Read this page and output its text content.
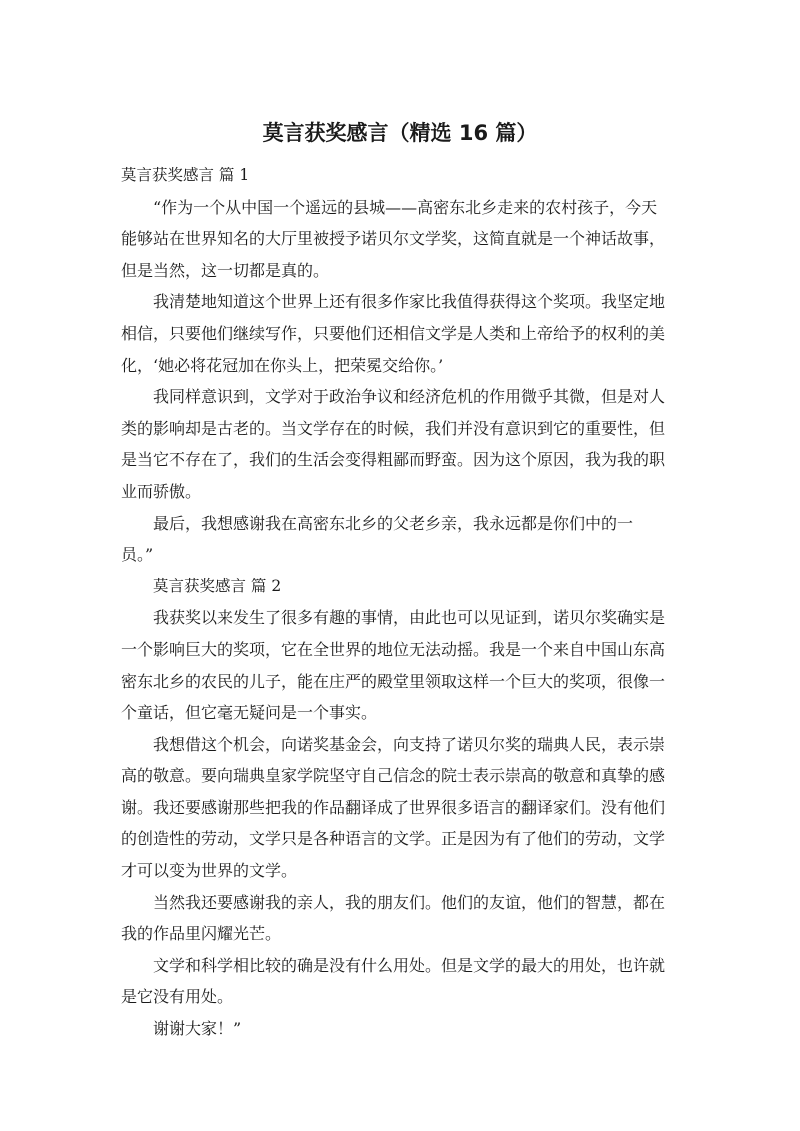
莫言获奖感言（精选 16 篇）
莫言获奖感言 篇 1
“作为一个从中国一个遥远的县城——高密东北乡走来的农村孩子，今天
能够站在世界知名的大厅里被授予诺贝尔文学奖，这简直就是一个神话故事，
但是当然，这一切都是真的。
我清楚地知道这个世界上还有很多作家比我值得获得这个奖项。我坚定地
相信，只要他们继续写作，只要他们还相信文学是人类和上帝给予的权利的美
化，‘她必将花冠加在你头上，把荣冕交给你。’
我同样意识到，文学对于政治争议和经济危机的作用微乎其微，但是对人
类的影响却是古老的。当文学存在的时候，我们并没有意识到它的重要性，但
是当它不存在了，我们的生活会变得粗鄙而野蛮。因为这个原因，我为我的职
业而骄傲。
最后，我想感谢我在高密东北乡的父老乡亲，我永远都是你们中的一
员。”
莫言获奖感言 篇 2
我获奖以来发生了很多有趣的事情，由此也可以见证到，诺贝尔奖确实是
一个影响巨大的奖项，它在全世界的地位无法动摇。我是一个来自中国山东高
密东北乡的农民的儿子，能在庄严的殿堂里领取这样一个巨大的奖项，很像一
个童话，但它毫无疑问是一个事实。
我想借这个机会，向诺奖基金会，向支持了诺贝尔奖的瑞典人民，表示崇
高的敬意。要向瑞典皇家学院坚守自己信念的院士表示崇高的敬意和真挚的感
谢。我还要感谢那些把我的作品翻译成了世界很多语言的翻译家们。没有他们
的创造性的劳动，文学只是各种语言的文学。正是因为有了他们的劳动，文学
才可以变为世界的文学。
当然我还要感谢我的亲人，我的朋友们。他们的友谊，他们的智慧，都在
我的作品里闪耀光芒。
文学和科学相比较的确是没有什么用处。但是文学的最大的用处，也许就
是它没有用处。
谢谢大家！”
